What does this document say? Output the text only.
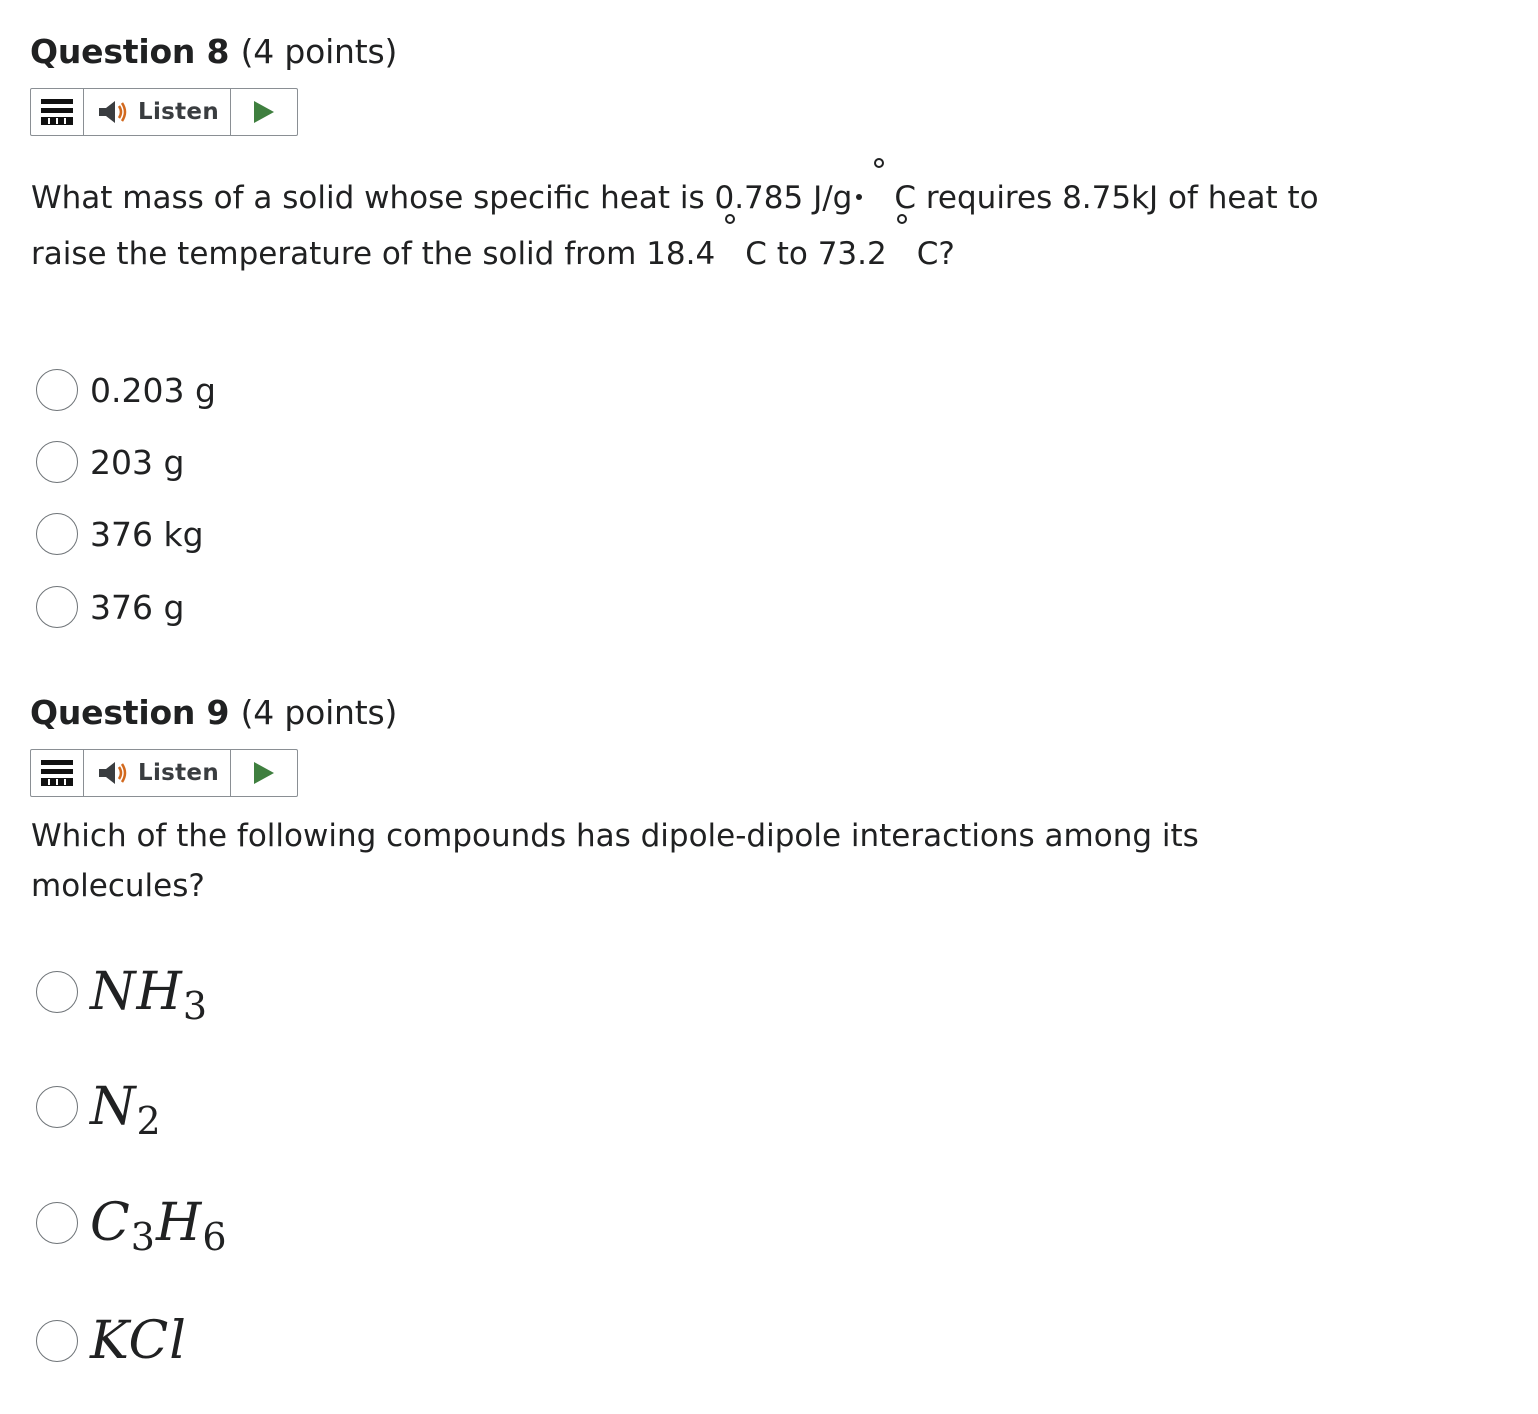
Question 8 (4 points)
Listen
What mass of a solid whose specific heat is 0.785 J/g C requires 8.75kJ of heat to
raise the temperature of the solid from 18.4 C to 73.2 C?
0.203 g
203 g
376 kg
376 g
Question 9 (4 points)
Listen
Which of the following compounds has dipole-dipole interactions among its
molecules?
$NH_3$
$N_2$
$C_3H_6$
KCl
